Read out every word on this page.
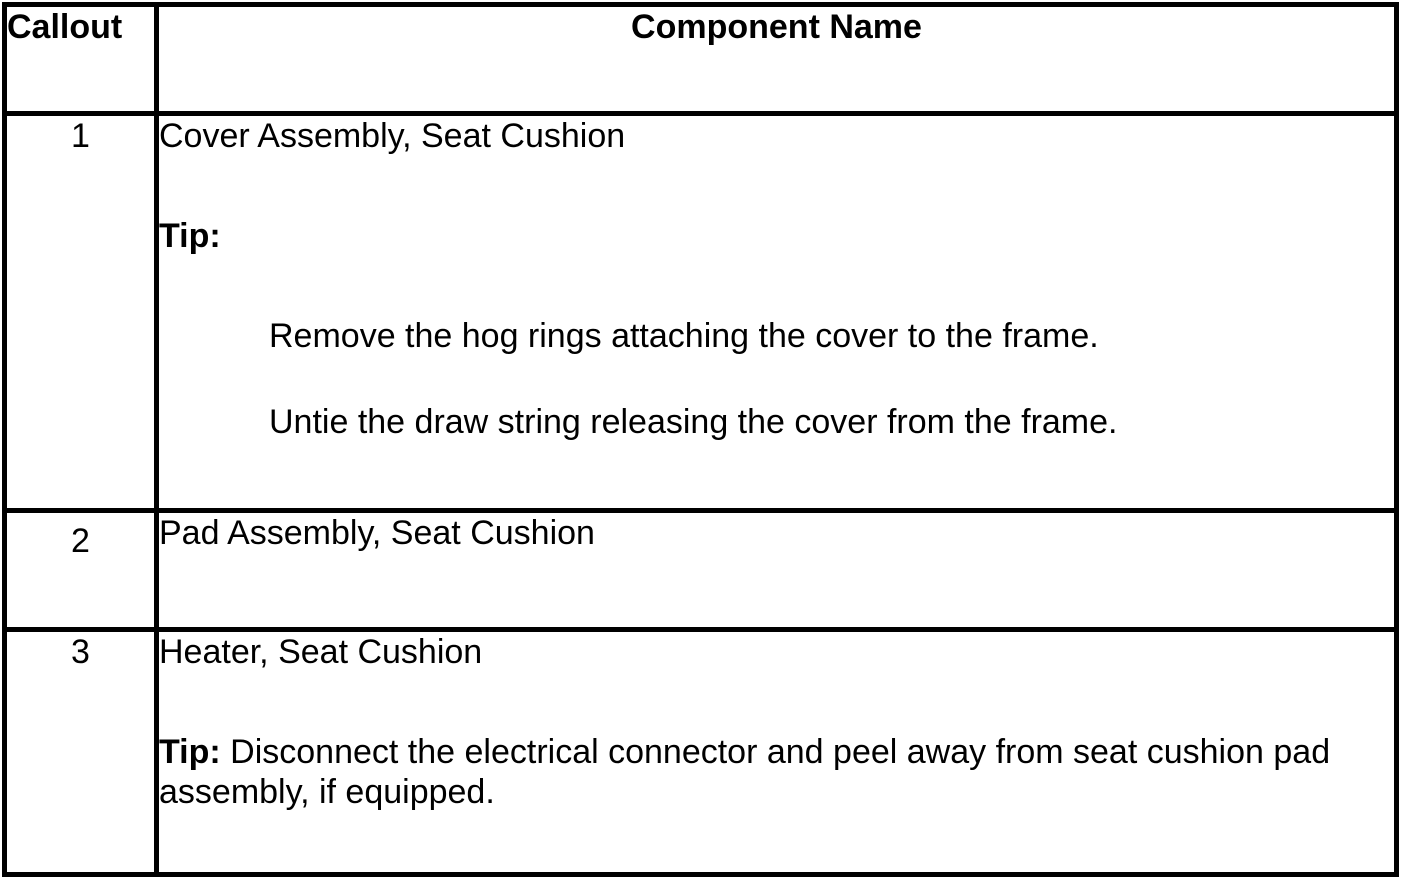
Callout	Component Name
1	Cover Assembly, Seat Cushion
Tip:
Remove the hog rings attaching the cover to the frame.
Untie the draw string releasing the cover from the frame.

2	Pad Assembly, Seat Cushion

3	Heater, Seat Cushion
Tip: Disconnect the electrical connector and peel away from seat cushion pad assembly, if equipped.
